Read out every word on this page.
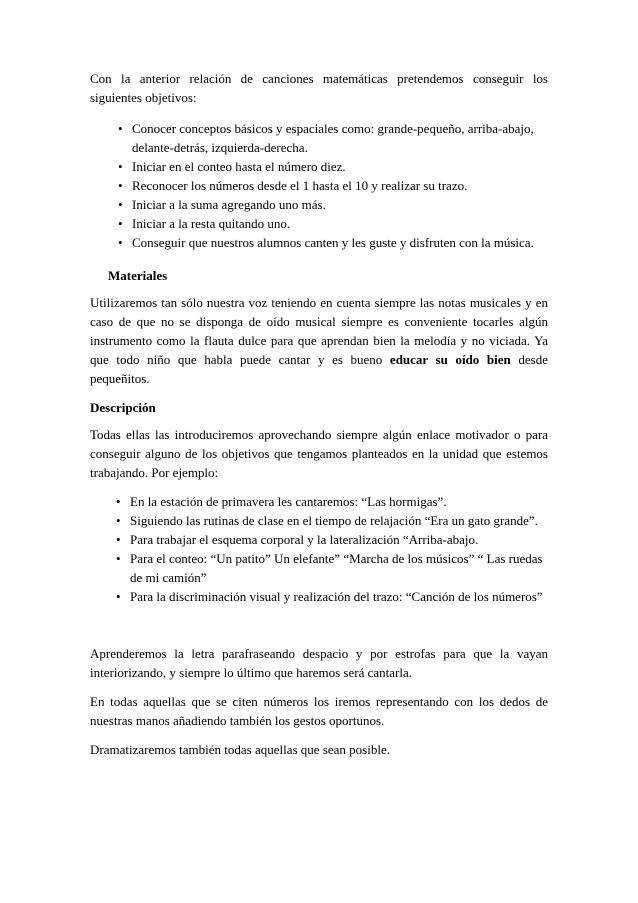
Con la anterior relación de canciones matemáticas pretendemos conseguir los siguientes objetivos:

• Conocer conceptos básicos y espaciales como: grande-pequeño, arriba-abajo, delante-detrás, izquierda-derecha.
• Iniciar en el conteo hasta el número diez.
• Reconocer los números desde el 1 hasta el 10 y realizar su trazo.
• Iniciar a la suma agregando uno más.
• Iniciar a la resta quitando uno.
• Conseguir que nuestros alumnos canten y les guste y disfruten con la música.
Materiales

Utilizaremos tan sólo nuestra voz teniendo en cuenta siempre las notas musicales y en caso de que no se disponga de oído musical siempre es conveniente tocarles algún instrumento como la flauta dulce para que aprendan bien la melodía y no viciada. Ya que todo niño que habla puede cantar y es bueno educar su oído bien desde pequeñitos.

Descripción

Todas ellas las introduciremos aprovechando siempre algún enlace motivador o para conseguir alguno de los objetivos que tengamos planteados en la unidad que estemos trabajando. Por ejemplo:

• En la estación de primavera les cantaremos: “Las hormigas”.
• Siguiendo las rutinas de clase en el tiempo de relajación “Era un gato grande”.
• Para trabajar el esquema corporal y la lateralización “Arriba-abajo.
• Para el conteo: “Un patito” Un elefante” “Marcha de los músicos” “ Las ruedas de mi camión”
• Para la discriminación visual y realización del trazo: “Canción de los números”

Aprenderemos la letra parafraseando despacio y por estrofas para que la vayan interiorizando, y siempre lo último que haremos será cantarla.

En todas aquellas que se citen números los iremos representando con los dedos de nuestras manos añadiendo también los gestos oportunos.

Dramatizaremos también todas aquellas que sean posible.
